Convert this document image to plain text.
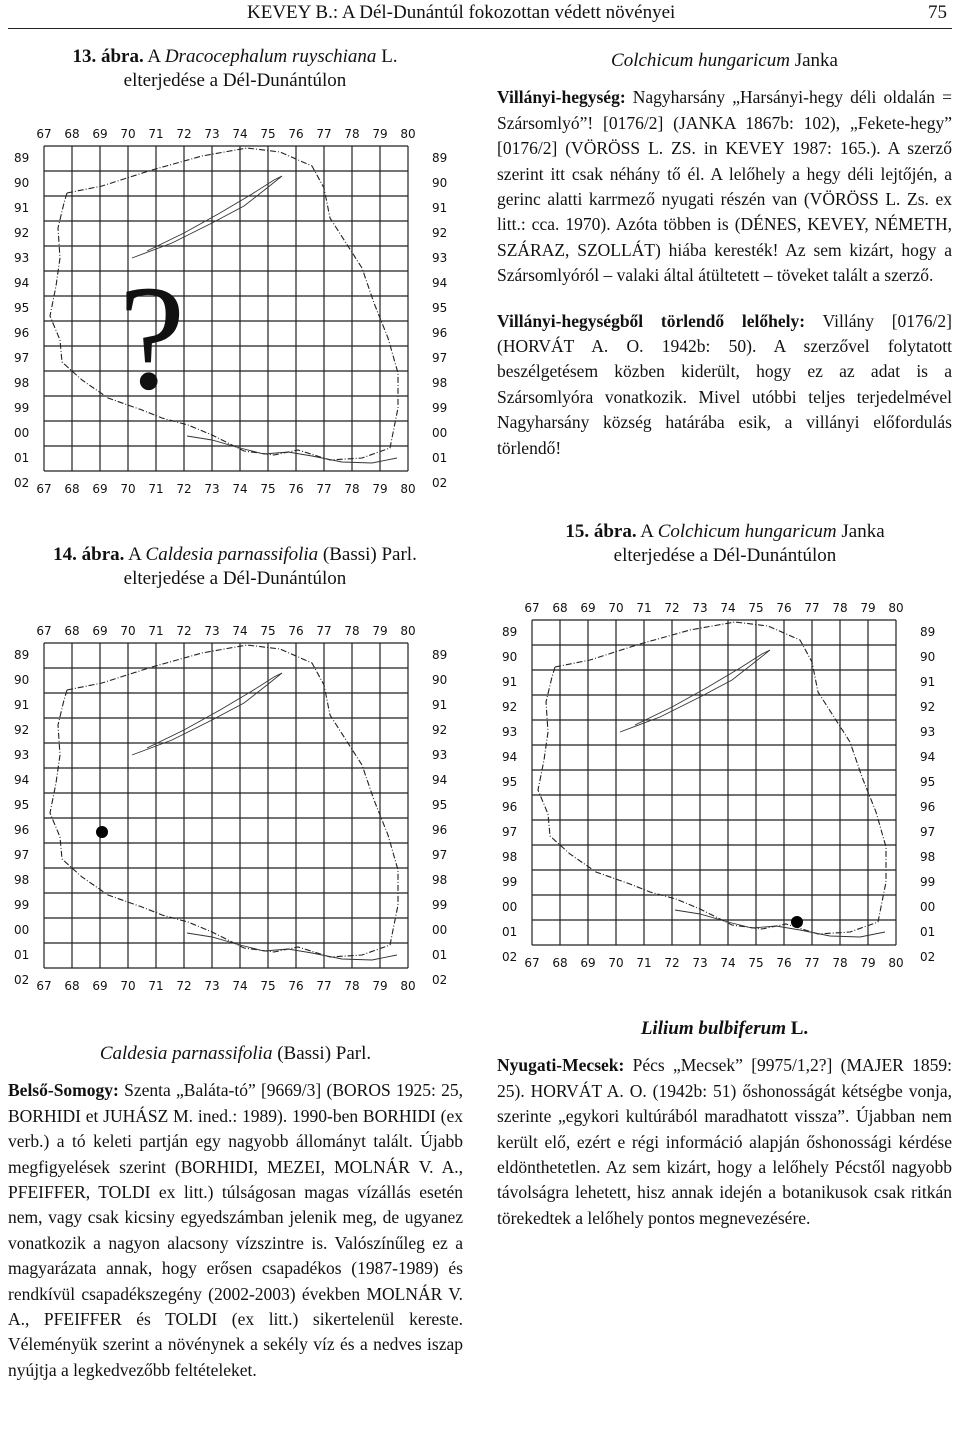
KEVEY B.: A Dél-Dunántúl fokozottan védett növényei	75
13. ábra. A Dracocephalum ruyschiana L.
elterjedése a Dél-Dunántúlon
67
67
68
68
69
69
70
70
71
71
72
72
73
73
74
74
75
75
76
76
77
77
78
78
79
79
80
80
89	89
90	90
91	91
92	92
93	93
94	94
95	95
96	96
97	97
98	98
99	99
00	00
01	01
02	02
?
14. ábra. A Caldesia parnassifolia (Bassi) Parl.
elterjedése a Dél-Dunántúlon
67
67
68
68
69
69
70
70
71
71
72
72
73
73
74
74
75
75
76
76
77
77
78
78
79
79
80
80
89	89
90	90
91	91
92	92
93	93
94	94
95	95
96	96
97	97
98	98
99	99
00	00
01	01
02	02

Colchicum hungaricum Janka

Villányi-hegység: Nagyharsány „Harsányi-hegy déli oldalán = Szársomlyó”! [0176/2] (JANKA 1867b: 102), „Fekete-hegy” [0176/2] (VÖRÖSS L. ZS. in KEVEY 1987: 165.). A szerző szerint itt csak néhány tő él. A lelőhely a hegy déli lejtőjén, a gerinc alatti karrmező nyugati részén van (VÖRÖSS L. Zs. ex litt.: cca. 1970). Azóta többen is (DÉNES, KEVEY, NÉMETH, SZÁRAZ, SZOLLÁT) hiába keresték! Az sem kizárt, hogy a Szársomlyóról – valaki által átültetett – töveket talált a szerző.

Villányi-hegységből törlendő lelőhely: Villány [0176/2] (HORVÁT A. O. 1942b: 50). A szerzővel folytatott beszélgetésem közben kiderült, hogy ez az adat is a Szársomlyóra vonatkozik. Mivel utóbbi teljes terjedelmével Nagyharsány község határába esik, a villányi előfordulás törlendő!

15. ábra. A Colchicum hungaricum Janka
elterjedése a Dél-Dunántúlon
67
67
68
68
69
69
70
70
71
71
72
72
73
73
74
74
75
75
76
76
77
77
78
78
79
79
80
80
89	89
90	90
91	91
92	92
93	93
94	94
95	95
96	96
97	97
98	98
99	99
00	00
01	01
02	02

Caldesia parnassifolia (Bassi) Parl.

Belső-Somogy: Szenta „Baláta-tó” [9669/3] (BOROS 1925: 25, BORHIDI et JUHÁSZ M. ined.: 1989). 1990-ben BORHIDI (ex verb.) a tó keleti partján egy nagyobb állományt talált. Újabb megfigyelések szerint (BORHIDI, MEZEI, MOLNÁR V. A., PFEIFFER, TOLDI ex litt.) túlságosan magas vízállás esetén nem, vagy csak kicsiny egyedszámban jelenik meg, de ugyanez vonatkozik a nagyon alacsony vízszintre is. Valószínűleg ez a magyarázata annak, hogy erősen csapadékos (1987-1989) és rendkívül csapadékszegény (2002-2003) években MOLNÁR V. A., PFEIFFER és TOLDI (ex litt.) sikertelenül kereste. Véleményük szerint a növénynek a sekély víz és a nedves iszap nyújtja a legkedvezőbb feltételeket.

Lilium bulbiferum L.

Nyugati-Mecsek: Pécs „Mecsek” [9975/1,2?] (MAJER 1859: 25). HORVÁT A. O. (1942b: 51) őshonosságát kétségbe vonja, szerinte „egykori kultúrából maradhatott vissza”. Újabban nem került elő, ezért e régi információ alapján őshonossági kérdése eldönthetetlen. Az sem kizárt, hogy a lelőhely Pécstől nagyobb távolságra lehetett, hisz annak idején a botanikusok csak ritkán törekedtek a lelőhely pontos megnevezésére.
